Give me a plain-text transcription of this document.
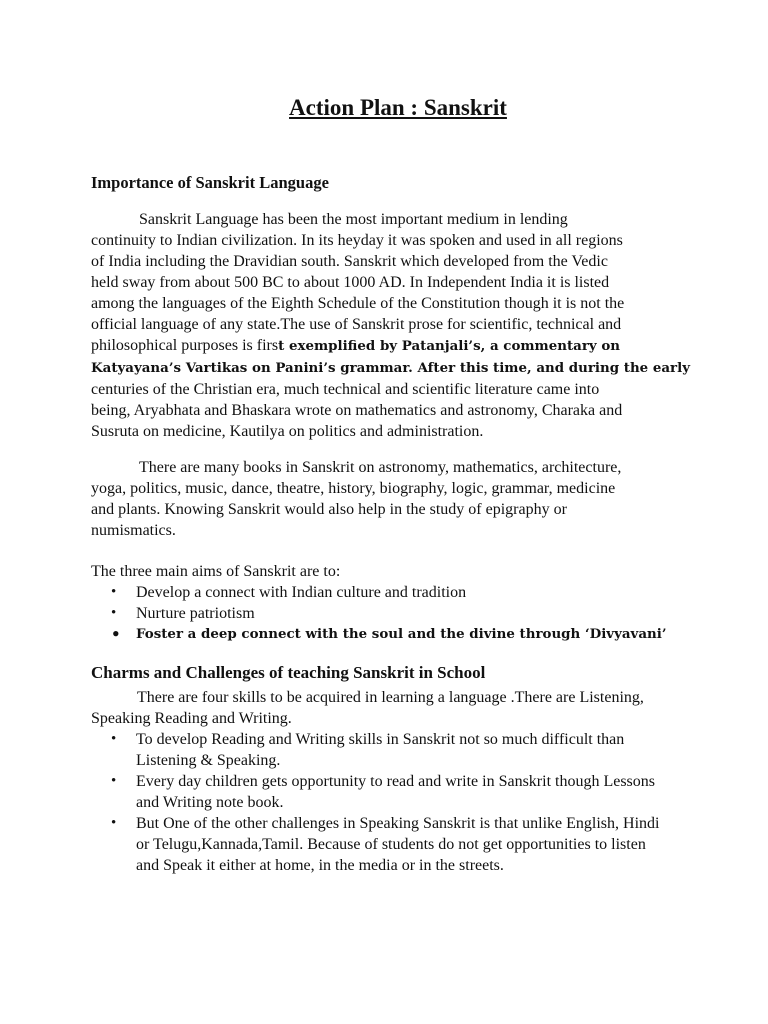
Action Plan : Sanskrit
Importance of Sanskrit Language

Sanskrit Language has been the most important medium in lending
continuity to Indian civilization. In its heyday it was spoken and used in all regions
of India including the Dravidian south. Sanskrit which developed from the Vedic
held sway from about 500 BC to about 1000 AD. In Independent India it is listed
among the languages of the Eighth Schedule of the Constitution though it is not the
official language of any state.The use of Sanskrit prose for scientific, technical and
philosophical purposes is first exemplified by Patanjali’s, a commentary on
Katyayana’s Vartikas on Panini’s grammar. After this time, and during the early
centuries of the Christian era, much technical and scientific literature came into
being, Aryabhata and Bhaskara wrote on mathematics and astronomy, Charaka and
Susruta on medicine, Kautilya on politics and administration.

There are many books in Sanskrit on astronomy, mathematics, architecture,
yoga, politics, music, dance, theatre, history, biography, logic, grammar, medicine
and plants. Knowing Sanskrit would also help in the study of epigraphy or
numismatics.

The three main aims of Sanskrit are to:

• Develop a connect with Indian culture and tradition
• Nurture patriotism
• Foster a deep connect with the soul and the divine through ‘Divyavani’
Charms and Challenges of teaching Sanskrit in School

There are four skills to be acquired in learning a language .There are Listening,
Speaking Reading and Writing.

• To develop Reading and Writing skills in Sanskrit not so much difficult than
Listening & Speaking.
• Every day children gets opportunity to read and write in Sanskrit though Lessons
and Writing note book.
• But One of the other challenges in Speaking Sanskrit is that unlike English, Hindi
or Telugu,Kannada,Tamil. Because of students do not get opportunities to listen
and Speak it either at home, in the media or in the streets.
